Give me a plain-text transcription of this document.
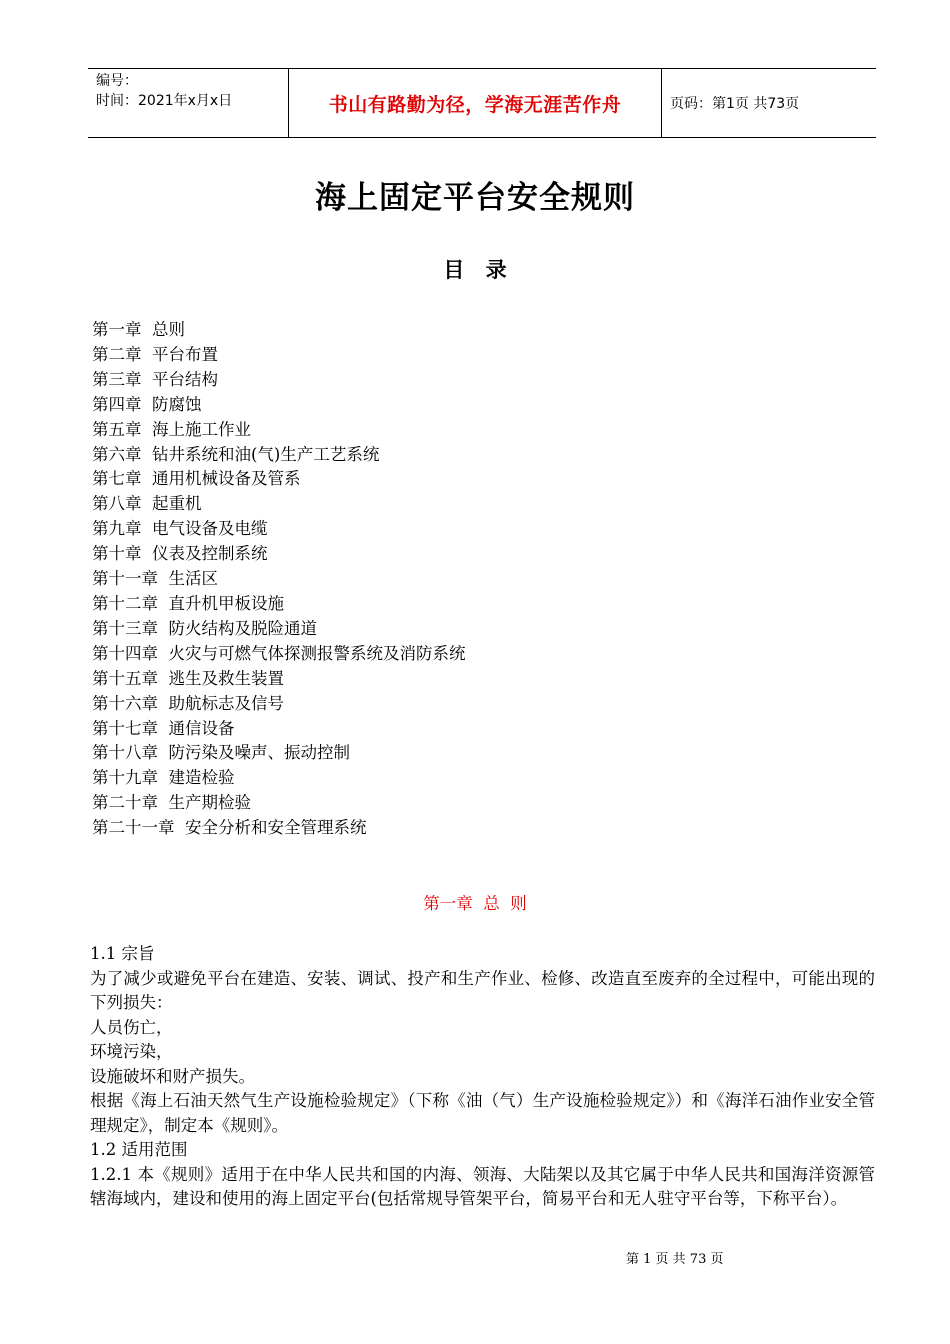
编号：
时间：2021年x月x日	书山有路勤为径，学海无涯苦作舟	页码：第1页 共73页
海上固定平台安全规则
目 录
第一章  总则
第二章  平台布置
第三章  平台结构
第四章  防腐蚀
第五章  海上施工作业
第六章  钻井系统和油(气)生产工艺系统
第七章  通用机械设备及管系
第八章  起重机
第九章  电气设备及电缆
第十章  仪表及控制系统
第十一章  生活区
第十二章  直升机甲板设施
第十三章  防火结构及脱险通道
第十四章  火灾与可燃气体探测报警系统及消防系统
第十五章  逃生及救生装置
第十六章  助航标志及信号
第十七章  通信设备
第十八章  防污染及噪声、振动控制
第十九章  建造检验
第二十章  生产期检验
第二十一章  安全分析和安全管理系统
第一章  总  则

1.1 宗旨

为了减少或避免平台在建造、安装、调试、投产和生产作业、检修、改造直至废弃的全过程中，可能出现的下列损失：

人员伤亡，

环境污染，

设施破坏和财产损失。

根据《海上石油天然气生产设施检验规定》（下称《油（气）生产设施检验规定》）和《海洋石油作业安全管理规定》，制定本《规则》。

1.2 适用范围

1.2.1 本《规则》适用于在中华人民共和国的内海、领海、大陆架以及其它属于中华人民共和国海洋资源管辖海域内，建设和使用的海上固定平台(包括常规导管架平台，简易平台和无人驻守平台等，下称平台）。

第 1 页 共 73 页
